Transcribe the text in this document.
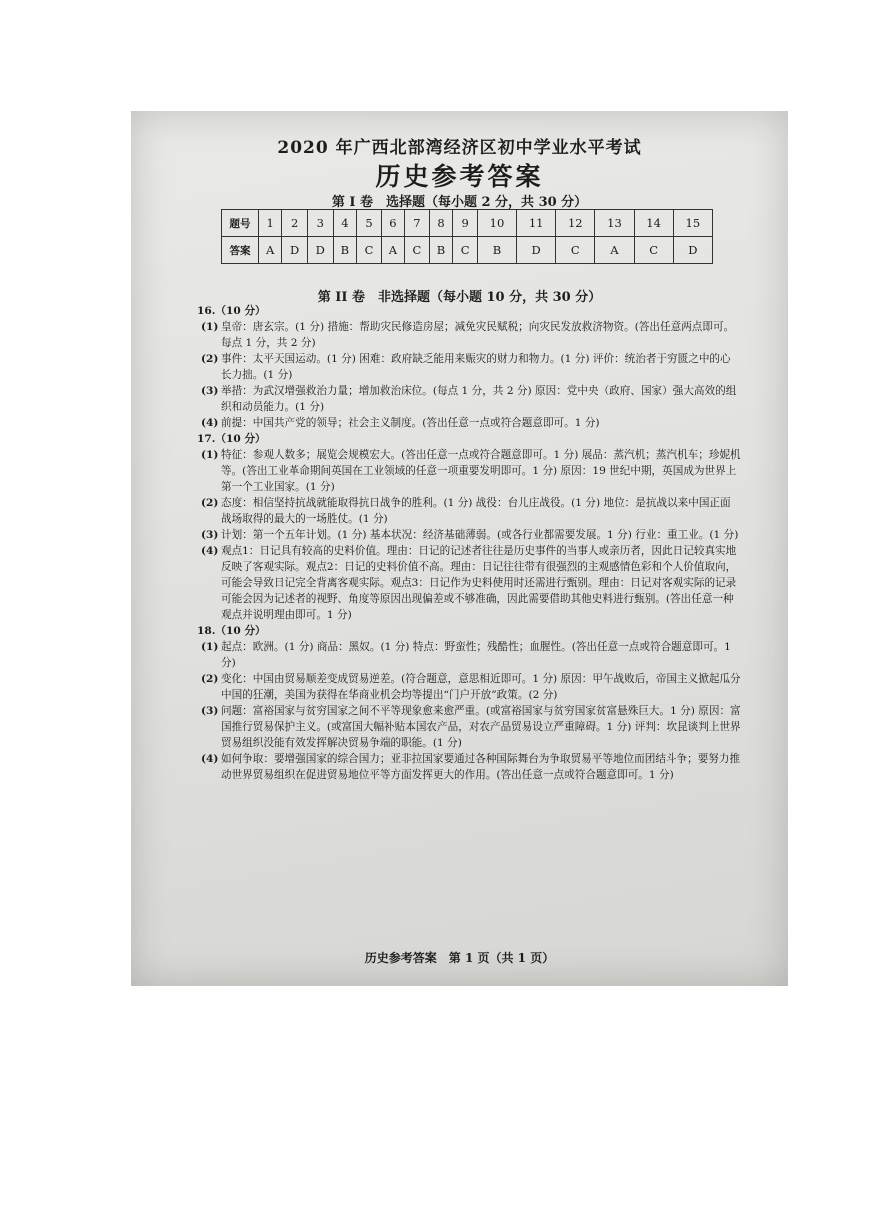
2020 年广西北部湾经济区初中学业水平考试
历史参考答案
第 I 卷　选择题（每小题 2 分，共 30 分）
题号	1	2	3	4	5	6	7	8	9	10	11	12	13	14	15
答案	A	D	D	B	C	A	C	B	C	B	D	C	A	C	D
第 II 卷　非选择题（每小题 10 分，共 30 分）
16.（10 分）
(1) 皇帝：唐玄宗。(1 分) 措施：帮助灾民修造房屋；减免灾民赋税；向灾民发放救济物资。(答出任意两点即可。每点 1 分，共 2 分)
(2) 事件：太平天国运动。(1 分) 困难：政府缺乏能用来赈灾的财力和物力。(1 分) 评价：统治者于穷匮之中的心长力拙。(1 分)
(3) 举措：为武汉增强救治力量；增加救治床位。(每点 1 分，共 2 分) 原因：党中央（政府、国家）强大高效的组织和动员能力。(1 分)
(4) 前提：中国共产党的领导；社会主义制度。(答出任意一点或符合题意即可。1 分)
17.（10 分）
(1) 特征：参观人数多；展览会规模宏大。(答出任意一点或符合题意即可。1 分) 展品：蒸汽机；蒸汽机车；珍妮机等。(答出工业革命期间英国在工业领域的任意一项重要发明即可。1 分) 原因：19 世纪中期，英国成为世界上第一个工业国家。(1 分)
(2) 态度：相信坚持抗战就能取得抗日战争的胜利。(1 分) 战役：台儿庄战役。(1 分) 地位：是抗战以来中国正面战场取得的最大的一场胜仗。(1 分)
(3) 计划：第一个五年计划。(1 分) 基本状况：经济基础薄弱。(或各行业都需要发展。1 分) 行业：重工业。(1 分)
(4) 观点1：日记具有较高的史料价值。理由：日记的记述者往往是历史事件的当事人或亲历者，因此日记较真实地反映了客观实际。观点2：日记的史料价值不高。理由：日记往往带有很强烈的主观感情色彩和个人价值取向，可能会导致日记完全背离客观实际。观点3：日记作为史料使用时还需进行甄别。理由：日记对客观实际的记录可能会因为记述者的视野、角度等原因出现偏差或不够准确，因此需要借助其他史料进行甄别。(答出任意一种观点并说明理由即可。1 分)
18.（10 分）
(1) 起点：欧洲。(1 分) 商品：黑奴。(1 分) 特点：野蛮性；残酷性；血腥性。(答出任意一点或符合题意即可。1 分)
(2) 变化：中国由贸易顺差变成贸易逆差。(符合题意，意思相近即可。1 分) 原因：甲午战败后，帝国主义掀起瓜分中国的狂潮，美国为获得在华商业机会均等提出“门户开放”政策。(2 分)
(3) 问题：富裕国家与贫穷国家之间不平等现象愈来愈严重。(或富裕国家与贫穷国家贫富悬殊巨大。1 分) 原因：富国推行贸易保护主义。(或富国大幅补贴本国农产品，对农产品贸易设立严重障碍。1 分) 评判：坎昆谈判上世界贸易组织没能有效发挥解决贸易争端的职能。(1 分)
(4) 如何争取：要增强国家的综合国力；亚非拉国家要通过各种国际舞台为争取贸易平等地位而团结斗争；要努力推动世界贸易组织在促进贸易地位平等方面发挥更大的作用。(答出任意一点或符合题意即可。1 分)
历史参考答案　第 1 页（共 1 页）
